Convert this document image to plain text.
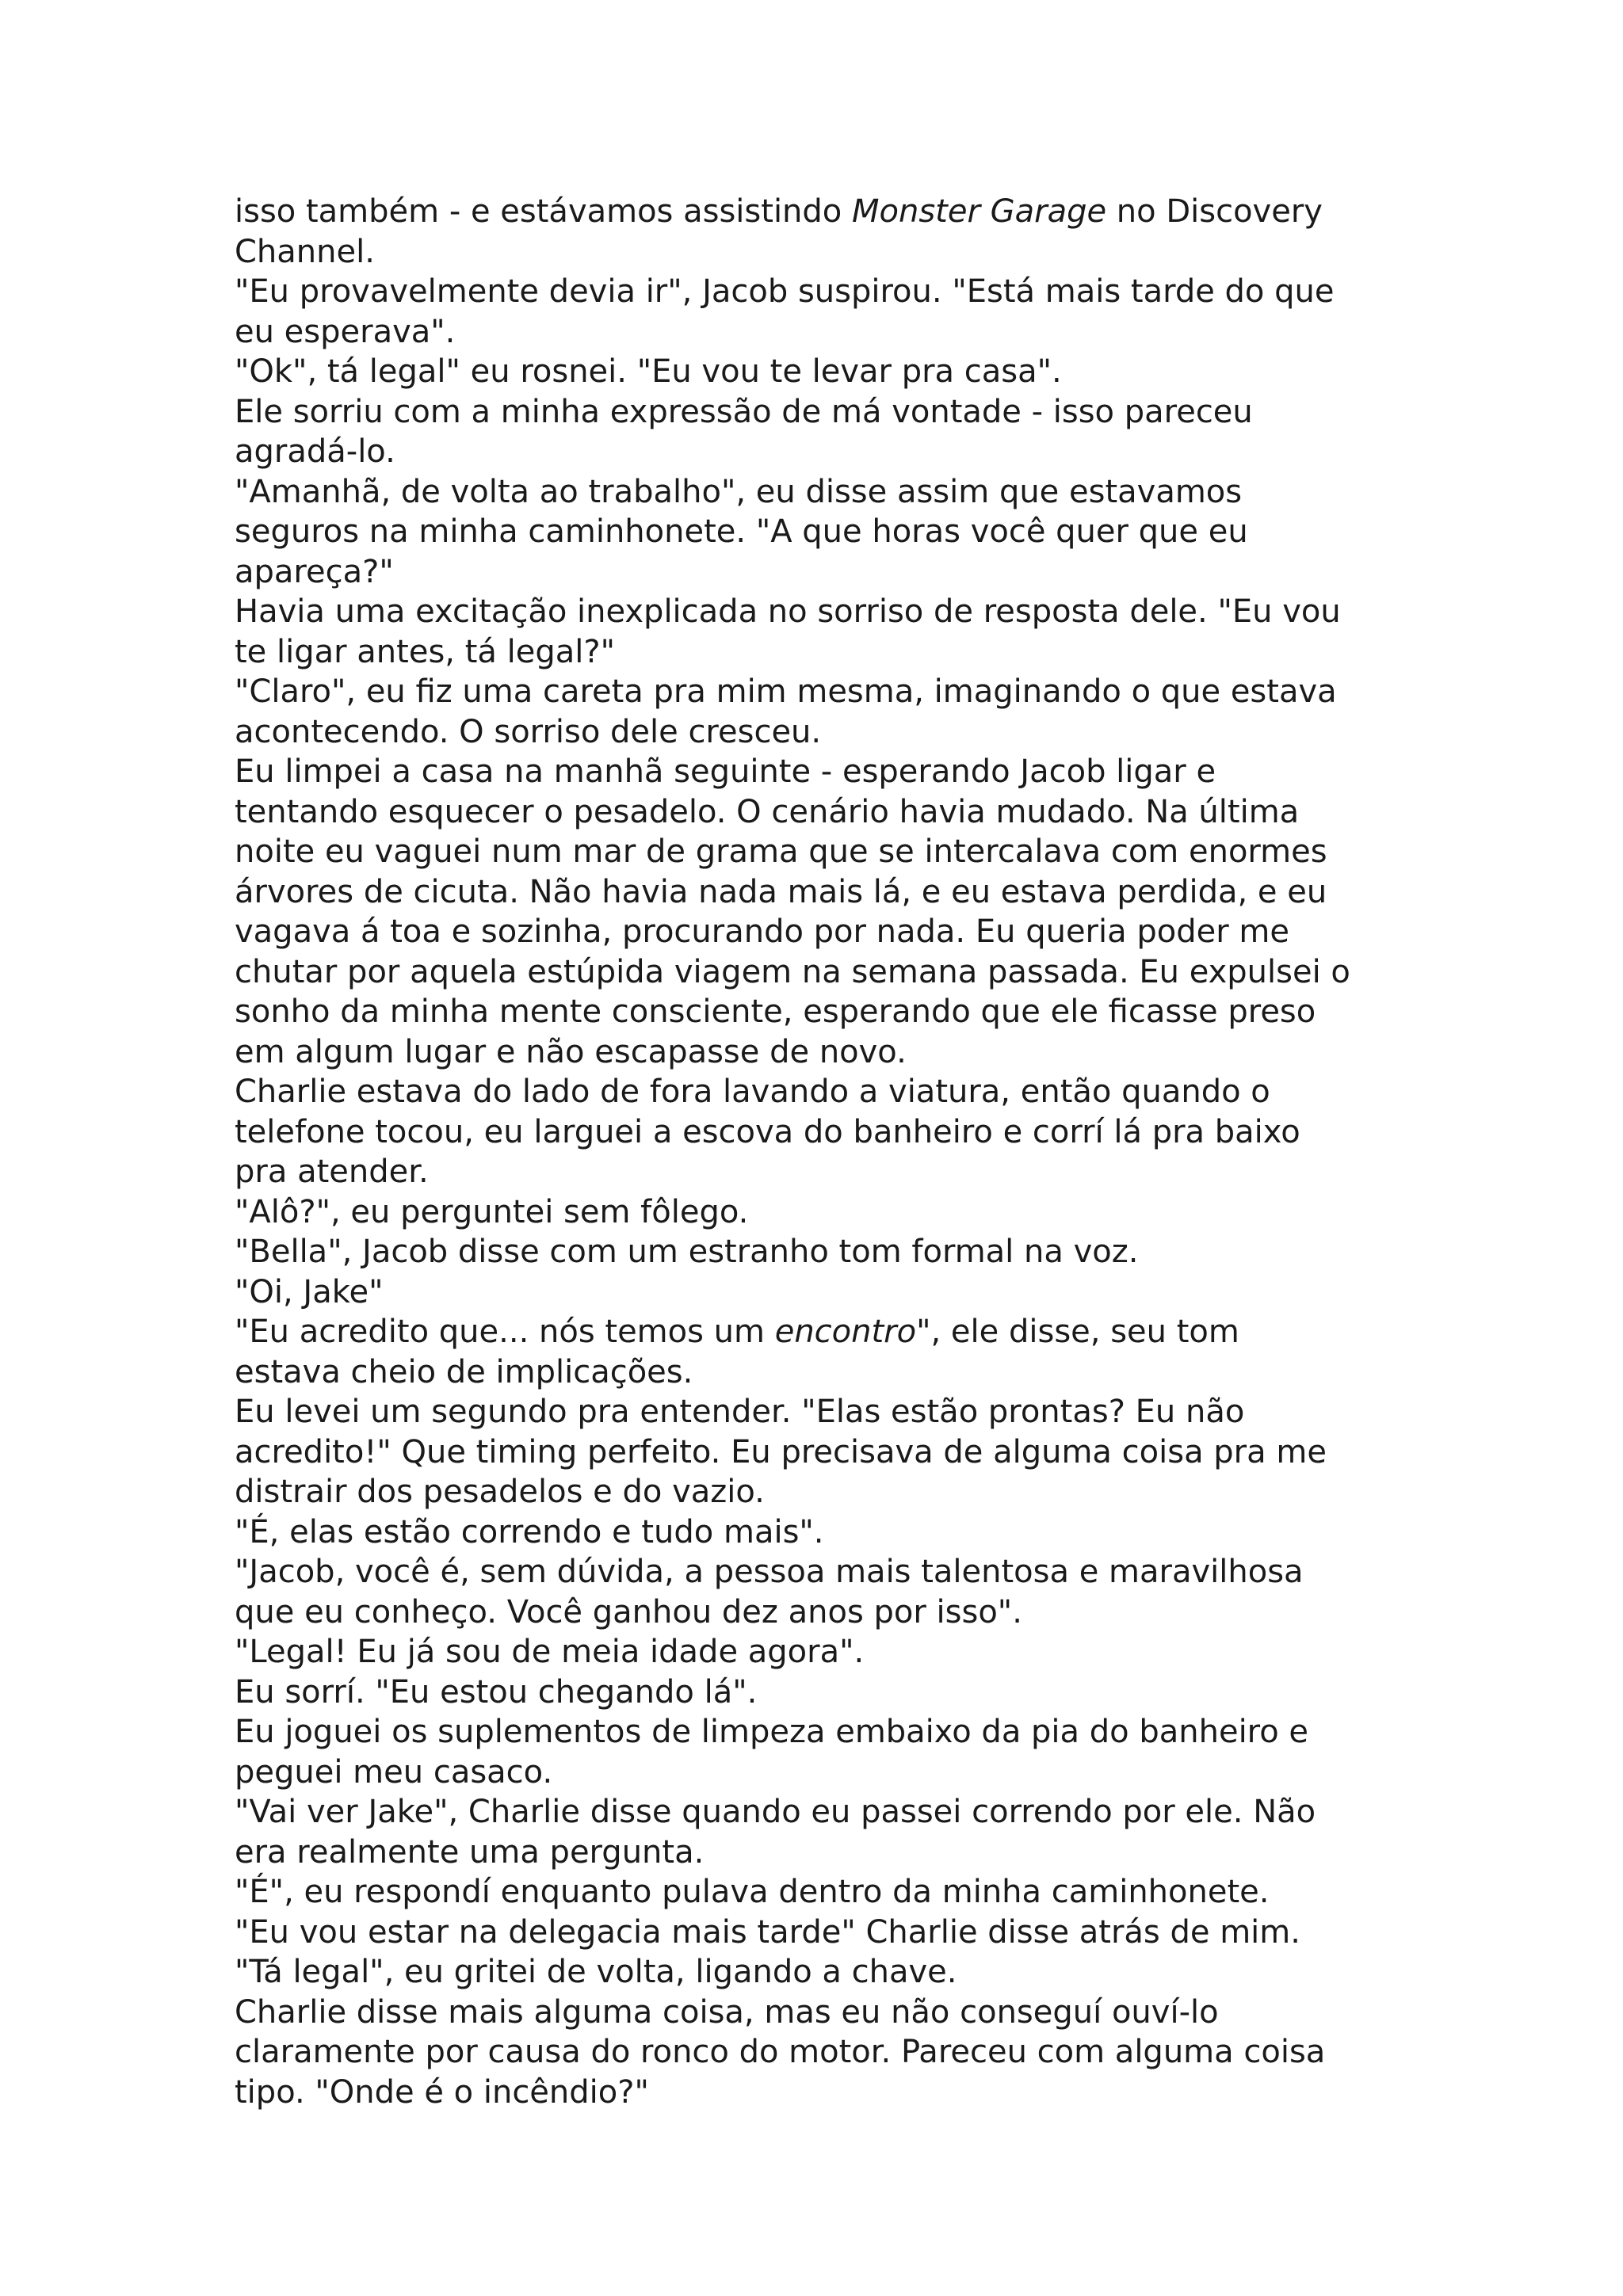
isso também - e estávamos assistindo Monster Garage no Discovery
Channel.
"Eu provavelmente devia ir", Jacob suspirou. "Está mais tarde do que
eu esperava".
"Ok", tá legal" eu rosnei. "Eu vou te levar pra casa".
Ele sorriu com a minha expressão de má vontade - isso pareceu
agradá-lo.
"Amanhã, de volta ao trabalho", eu disse assim que estavamos
seguros na minha caminhonete. "A que horas você quer que eu
apareça?"
Havia uma excitação inexplicada no sorriso de resposta dele. "Eu vou
te ligar antes, tá legal?"
"Claro", eu fiz uma careta pra mim mesma, imaginando o que estava
acontecendo. O sorriso dele cresceu.
Eu limpei a casa na manhã seguinte - esperando Jacob ligar e
tentando esquecer o pesadelo. O cenário havia mudado. Na última
noite eu vaguei num mar de grama que se intercalava com enormes
árvores de cicuta. Não havia nada mais lá, e eu estava perdida, e eu
vagava á toa e sozinha, procurando por nada. Eu queria poder me
chutar por aquela estúpida viagem na semana passada. Eu expulsei o
sonho da minha mente consciente, esperando que ele ficasse preso
em algum lugar e não escapasse de novo.
Charlie estava do lado de fora lavando a viatura, então quando o
telefone tocou, eu larguei a escova do banheiro e corrí lá pra baixo
pra atender.
"Alô?", eu perguntei sem fôlego.
"Bella", Jacob disse com um estranho tom formal na voz.
"Oi, Jake"
"Eu acredito que... nós temos um encontro", ele disse, seu tom
estava cheio de implicações.
Eu levei um segundo pra entender. "Elas estão prontas? Eu não
acredito!" Que timing perfeito. Eu precisava de alguma coisa pra me
distrair dos pesadelos e do vazio.
"É, elas estão correndo e tudo mais".
"Jacob, você é, sem dúvida, a pessoa mais talentosa e maravilhosa
que eu conheço. Você ganhou dez anos por isso".
"Legal! Eu já sou de meia idade agora".
Eu sorrí. "Eu estou chegando lá".
Eu joguei os suplementos de limpeza embaixo da pia do banheiro e
peguei meu casaco.
"Vai ver Jake", Charlie disse quando eu passei correndo por ele. Não
era realmente uma pergunta.
"É", eu respondí enquanto pulava dentro da minha caminhonete.
"Eu vou estar na delegacia mais tarde" Charlie disse atrás de mim.
"Tá legal", eu gritei de volta, ligando a chave.
Charlie disse mais alguma coisa, mas eu não conseguí ouví-lo
claramente por causa do ronco do motor. Pareceu com alguma coisa
tipo. "Onde é o incêndio?"
